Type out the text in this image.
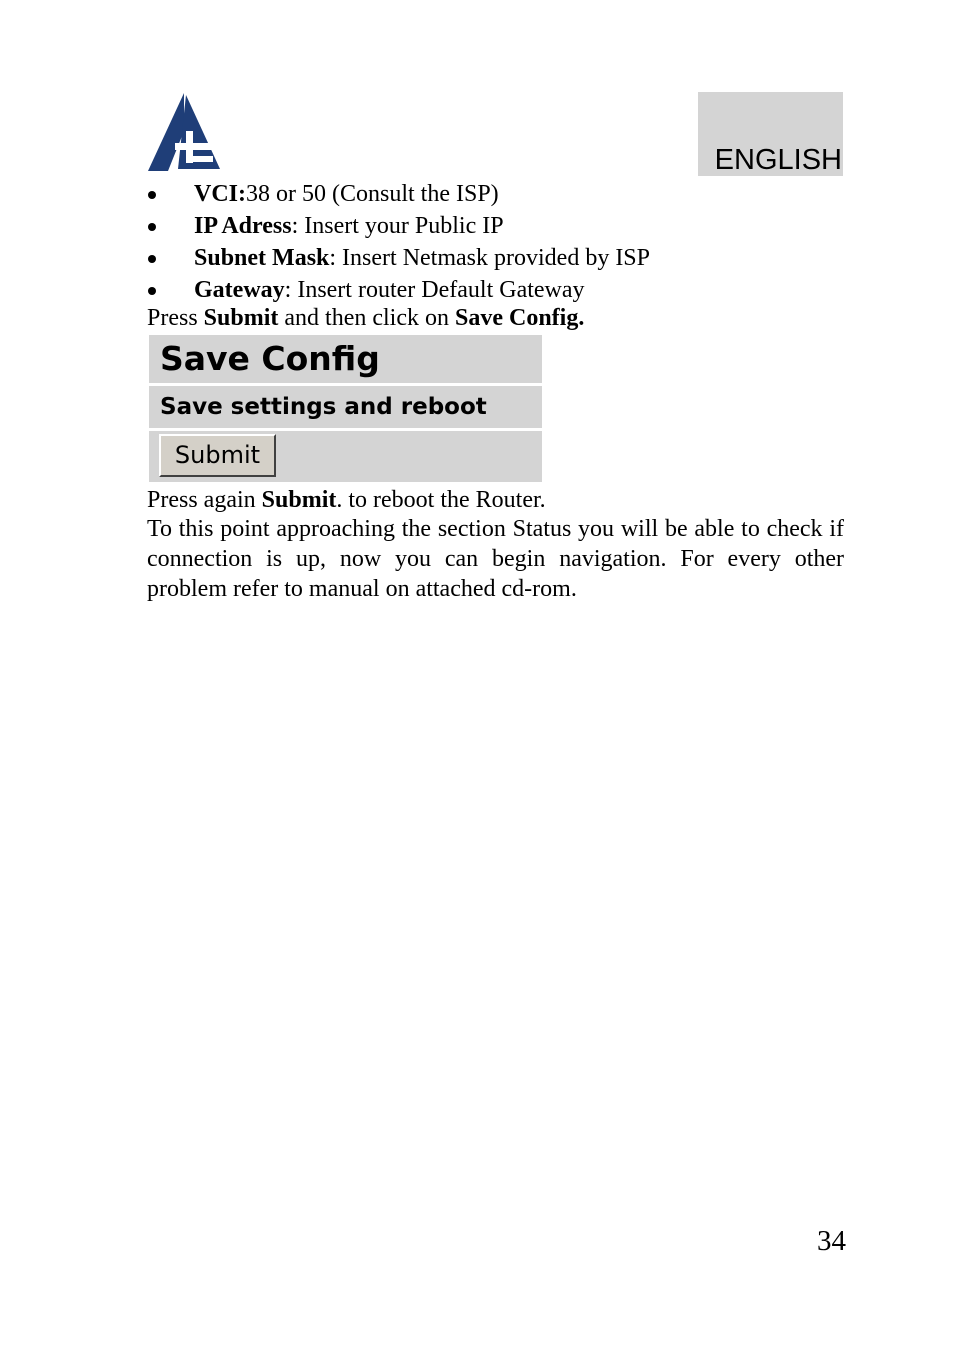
ENGLISH
VCI:38 or 50 (Consult the ISP)
IP Adress: Insert your Public IP
Subnet Mask: Insert Netmask provided by ISP
Gateway: Insert router Default Gateway

Press Submit and then click on Save Config.

Save Config
Save settings and reboot
Submit

Press again Submit. to reboot the Router.

To this point approaching the section Status you will be able to check if connection is up, now you can begin navigation. For every other problem refer to manual on attached cd-rom.

34
